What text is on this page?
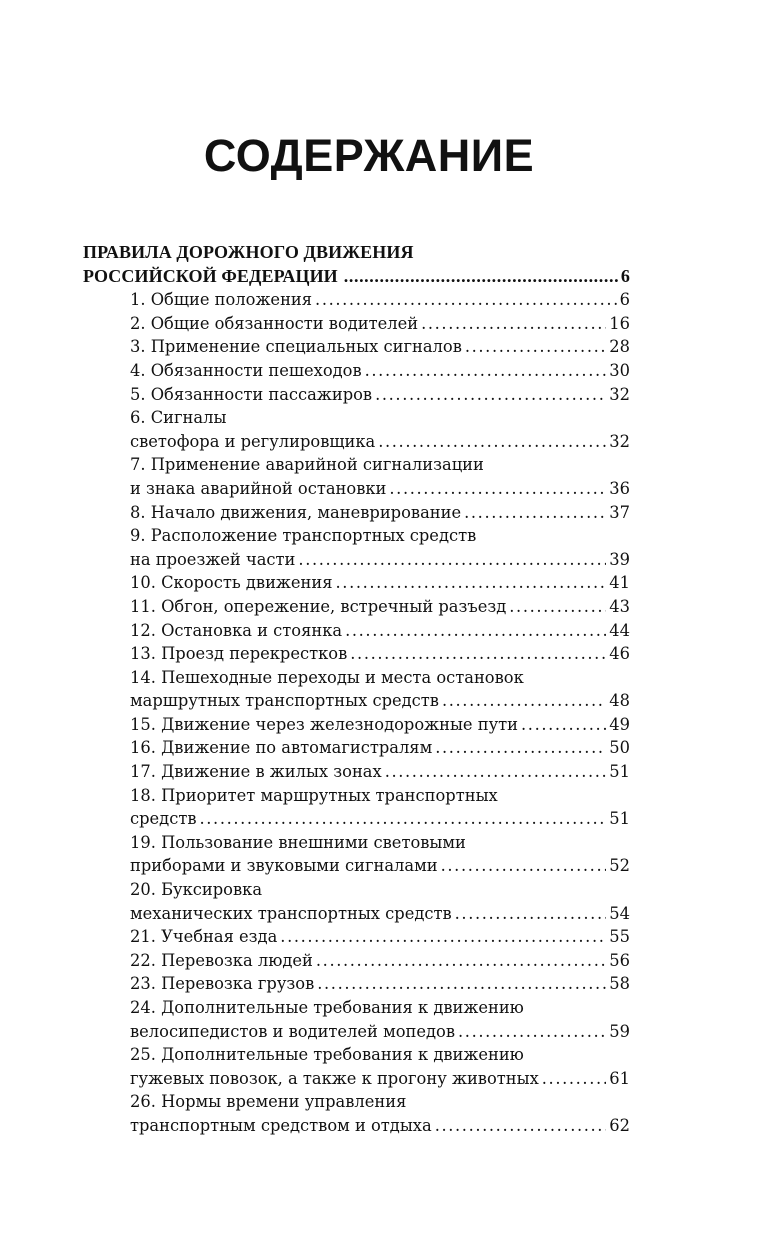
СОДЕРЖАНИЕ
ПРАВИЛА ДОРОЖНОГО ДВИЖЕНИЯ
РОССИЙСКОЙ ФЕДЕРАЦИИ .....	6
1. Общие положения .....	6
2. Общие обязанности водителей .....	16
3. Применение специальных сигналов .....	28
4. Обязанности пешеходов .....	30
5. Обязанности пассажиров .....	32
6. Сигналы
светофора и регулировщика .....	32
7. Применение аварийной сигнализации
и знака аварийной остановки .....	36
8. Начало движения, маневрирование .....	37
9. Расположение транспортных средств
на проезжей части .....	39
10. Скорость движения .....	41
11. Обгон, опережение, встречный разъезд .....	43
12. Остановка и стоянка .....	44
13. Проезд перекрестков .....	46
14. Пешеходные переходы и места остановок
маршрутных транспортных средств .....	48
15. Движение через железнодорожные пути .....	49
16. Движение по автомагистралям .....	50
17. Движение в жилых зонах .....	51
18. Приоритет маршрутных транспортных
средств .....	51
19. Пользование внешними световыми
приборами и звуковыми сигналами .....	52
20. Буксировка
механических транспортных средств .....	54
21. Учебная езда .....	55
22. Перевозка людей .....	56
23. Перевозка грузов .....	58
24. Дополнительные требования к движению
велосипедистов и водителей мопедов .....	59
25. Дополнительные требования к движению
гужевых повозок, а также к прогону животных .....	61
26. Нормы времени управления
транспортным средством и отдыха .....	62
